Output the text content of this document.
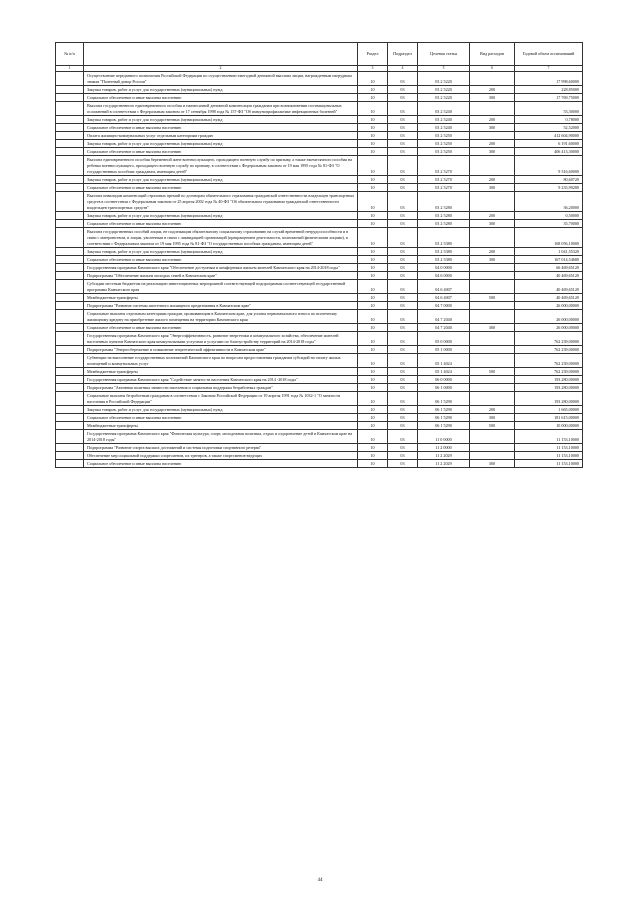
№ п/п		Раздел	Подраздел	Целевая статья	Вид расходов	Годовой объем ассигнований
1	2	3	4	5	6	7
	Осуществление переданного полномочия Российской Федерации по осуществлению ежегодной денежной выплаты лицам, награжденным нагрудным знаком "Почетный донор России"	10	03	03 2 5220		17 998,60000
	Закупка товаров, работ и услуг для государственных (муниципальных) нужд	10	03	03 2 5220	200	228,85000
	Социальное обеспечение и иные выплаты населению	10	03	03 2 5220	300	17 769,75000
	Выплата государственного единовременного пособия и ежемесячной денежной компенсации гражданам при возникновении поствакцинальных осложнений в соответствии с Федеральным законом от 17 сентября 1998 года № 157-ФЗ "Об иммунопрофилактике инфекционных болезней"	10	03	03 2 5240		53,30000
	Закупка товаров, работ и услуг для государственных (муниципальных) нужд	10	03	03 2 5240	200	0,78000
	Социальное обеспечение и иные выплаты населению	10	03	03 2 5240	300	52,52000
	Оплата жилищно-коммунальных услуг отдельным категориям граждан	10	03	03 2 5250		412 604,90000
	Закупка товаров, работ и услуг для государственных (муниципальных) нужд	10	03	03 2 5250	200	6 191,60000
	Социальное обеспечение и иные выплаты населению	10	03	03 2 5250	300	406 413,30000
	Выплата единовременного пособия беременной жене военнослужащего, проходящего военную службу по призыву, а также ежемесячного пособия на ребенка военнослужащего, проходящего военную службу по призыву, в соответствии с Федеральным законом от 19 мая 1995 года № 81-ФЗ "О государственных пособиях гражданам, имеющим детей"	10	03	03 2 5270		9 316,60000
	Закупка товаров, работ и услуг для государственных (муниципальных) нужд	10	03	03 2 5270	200	80,60720
	Социальное обеспечение и иные выплаты населению	10	03	03 2 5270	300	9 235,99280
	Выплата инвалидам компенсаций страховых премий по договорам обязательного страхования гражданской ответственности владельцев транспортных средств в соответствии с Федеральным законом от 25 апреля 2002 года № 40-ФЗ "Об обязательном страховании гражданской ответственности владельцев транспортных средств"	10	03	03 2 5280		36,20000
	Закупка товаров, работ и услуг для государственных (муниципальных) нужд	10	03	03 2 5280	200	0,50000
	Социальное обеспечение и иные выплаты населению	10	03	03 2 5280	300	35,70000
	Выплата государственных пособий лицам, не подлежащим обязательному социальному страхованию на случай временной нетрудоспособности и в связи с материнством, и лицам, уволенным в связи с ликвидацией организаций (прекращением деятельности, полномочий физическими лицами), в соответствии с Федеральным законом от 19 мая 1995 года № 81-ФЗ "О государственных пособиях гражданам, имеющим детей"	10	03	03 2 5380		168 056,10000
	Закупка товаров, работ и услуг для государственных (муниципальных) нужд	10	03	03 2 5380	200	1 041,55320
	Социальное обеспечение и иные выплаты населению	10	03	03 2 5380	300	167 014,54680
	Государственная программа Камчатского края "Обеспечение доступным и комфортным жильем жителей Камчатского края на 2014-2018 годы"	10	03	04 0 0000		66 469,65120
	Подпрограмма "Обеспечение жильем молодых семей в Камчатском крае"	10	03	04 6 0000		40 469,65120
	Субсидии местным бюджетам на реализацию инвестиционных мероприятий соответствующей подпрограммы соответствующей государственной программы Камчатского края	10	03	04 6 4007		40 469,65120
	Межбюджетные трансферты	10	03	04 6 4007	500	40 469,65120
	Подпрограмма "Развитие системы ипотечного жилищного кредитования в Камчатском крае"	10	03	04 7 0000		26 000,00000
	Социальные выплаты отдельным категориям граждан, проживающим в Камчатском крае, для уплаты первоначального взноса по ипотечному жилищному кредиту на приобретение жилого помещения на территории Камчатского края	10	03	04 7 2040		26 000,00000
	Социальное обеспечение и иные выплаты населению	10	03	04 7 2040	300	26 000,00000
	Государственная программа Камчатского края "Энергоэффективность, развитие энергетики и коммунального хозяйства, обеспечение жителей населенных пунктов Камчатского края коммунальными услугами и услугами по благоустройству территорий на 2014-2018 годы"	10	03	05 0 0000		762 239,00000
	Подпрограмма "Энергосбережение и повышение энергетической эффективности в Камчатском крае"	10	03	05 1 0000		762 239,00000
	Субвенции на выполнение государственных полномочий Камчатского края по вопросам предоставления гражданам субсидий на оплату жилых помещений и коммунальных услуг	10	03	05 1 4024		762 239,00000
	Межбюджетные трансферты	10	03	05 1 4024	500	762 239,00000
	Государственная программа Камчатского края "Содействие занятости населения Камчатского края на 2014 -2018 годы"	10	03	06 0 0000		193 280,00000
	Подпрограмма "Активная политика занятости населения и социальная поддержка безработных граждан"	10	03	06 1 0000		193 280,00000
	Социальные выплаты безработным гражданам в соответствии с Законом Российской Федерации от 19 апреля 1991 года № 1032-1 "О занятости населения в Российской Федерации"	10	03	06 1 5290		193 280,00000
	Закупка товаров, работ и услуг для государственных (муниципальных) нужд	10	03	06 1 5290	200	1 665,00000
	Социальное обеспечение и иные выплаты населению	10	03	06 1 5290	300	181 615,00000
	Межбюджетные трансферты	10	03	06 1 5290	500	10 000,00000
	Государственная программа Камчатского края "Физическая культура, спорт, молодежная политика, отдых и оздоровление детей в Камчатском крае на 2014-2018 годы"	10	03	11 0 0000		11 153,10000
	Подпрограмма "Развитие спорта высших достижений и системы подготовки спортивного резерва"	10	03	11 2 0000		11 153,10000
	Обеспечение мер социальной поддержки спортсменов, их тренеров, а также спортсменов-ведущих	10	03	11 2 2029		11 153,10000
	Социальное обеспечение и иные выплаты населению	10	03	11 2 2029	300	11 153,10000
44
